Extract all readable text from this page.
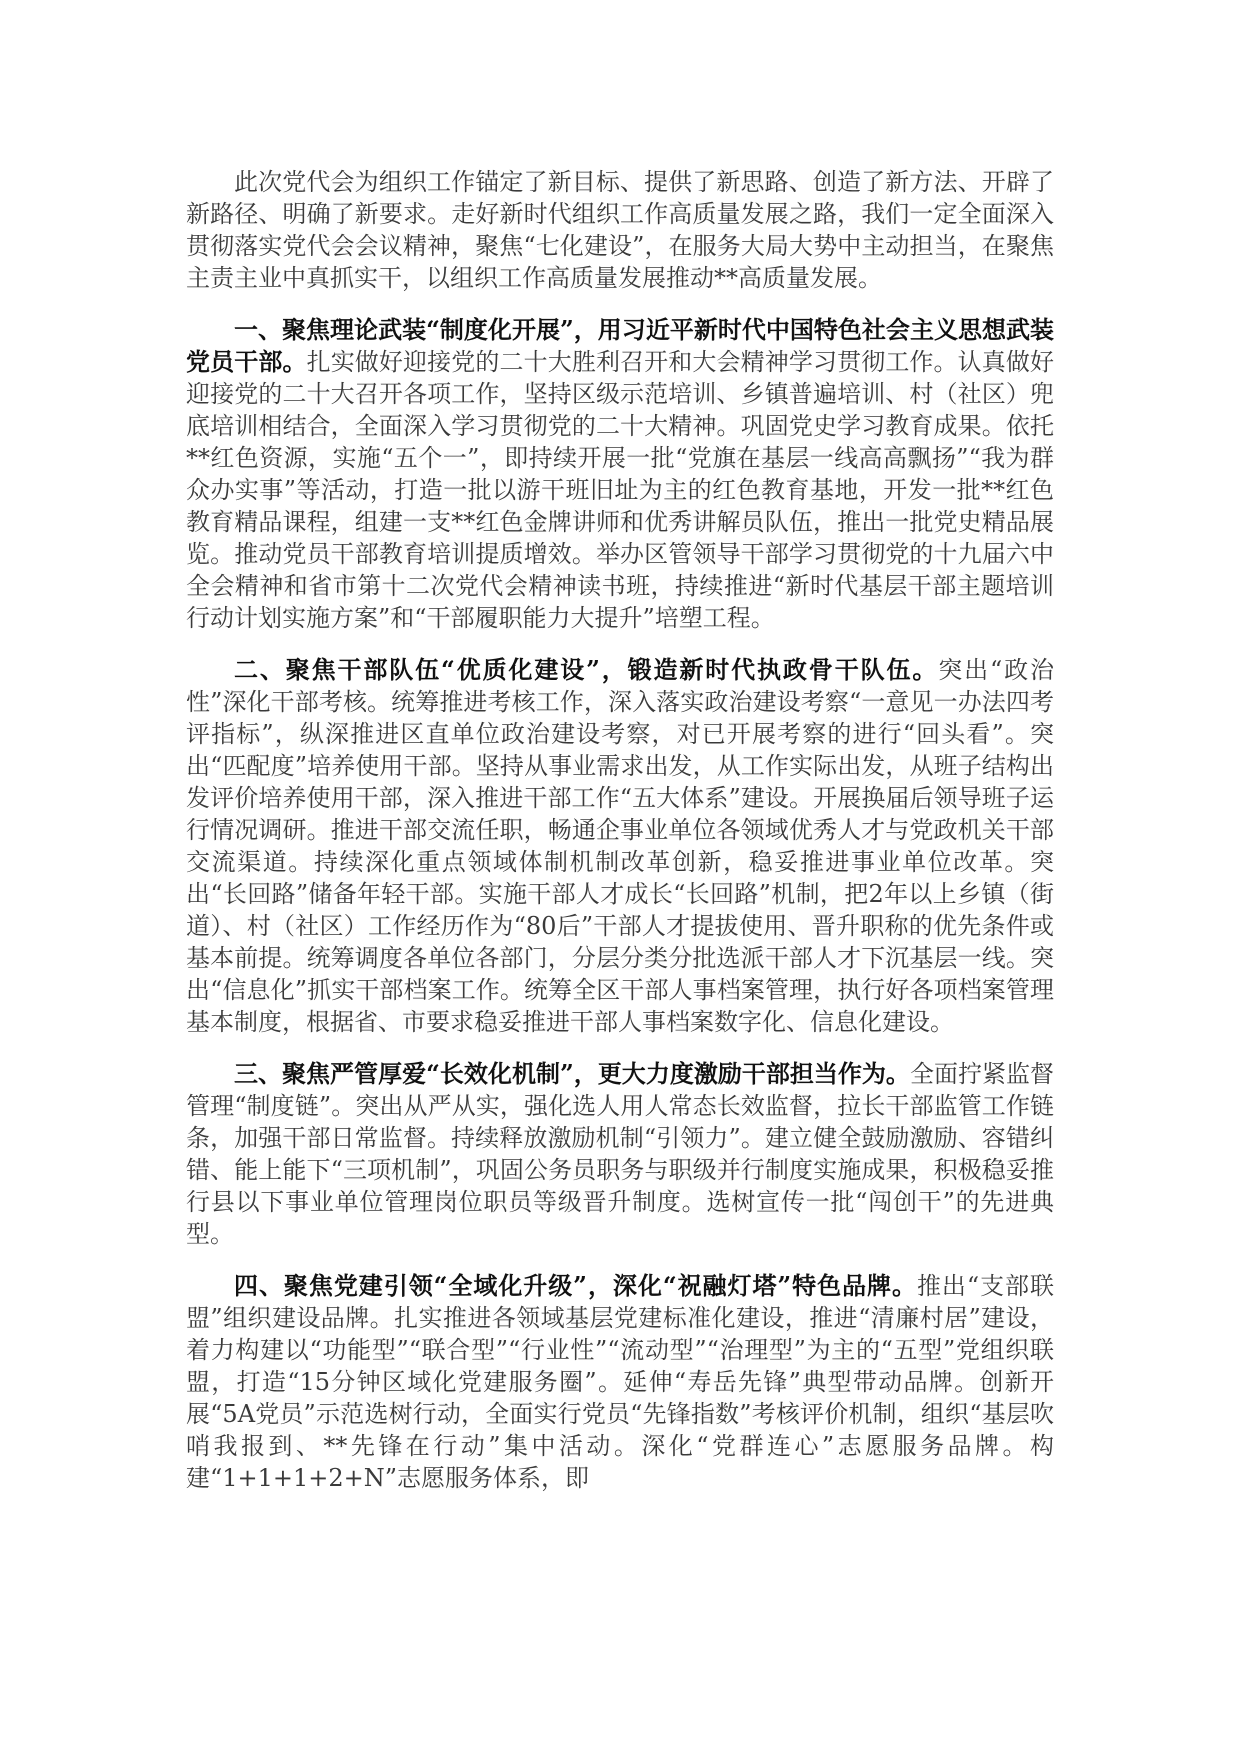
此次党代会为组织工作锚定了新目标、提供了新思路、创造了新方法、开辟了新路径、明确了新要求。走好新时代组织工作高质量发展之路，我们一定全面深入贯彻落实党代会会议精神，聚焦“七化建设”，在服务大局大势中主动担当，在聚焦主责主业中真抓实干，以组织工作高质量发展推动**高质量发展。

一、聚焦理论武装“制度化开展”，用习近平新时代中国特色社会主义思想武装党员干部。扎实做好迎接党的二十大胜利召开和大会精神学习贯彻工作。认真做好迎接党的二十大召开各项工作，坚持区级示范培训、乡镇普遍培训、村（社区）兜底培训相结合，全面深入学习贯彻党的二十大精神。巩固党史学习教育成果。依托**红色资源，实施“五个一”，即持续开展一批“党旗在基层一线高高飘扬”“我为群众办实事”等活动，打造一批以游干班旧址为主的红色教育基地，开发一批**红色教育精品课程，组建一支**红色金牌讲师和优秀讲解员队伍，推出一批党史精品展览。推动党员干部教育培训提质增效。举办区管领导干部学习贯彻党的十九届六中全会精神和省市第十二次党代会精神读书班，持续推进“新时代基层干部主题培训行动计划实施方案”和“干部履职能力大提升”培塑工程。

二、聚焦干部队伍“优质化建设”，锻造新时代执政骨干队伍。突出“政治性”深化干部考核。统筹推进考核工作，深入落实政治建设考察“一意见一办法四考评指标”，纵深推进区直单位政治建设考察，对已开展考察的进行“回头看”。突出“匹配度”培养使用干部。坚持从事业需求出发，从工作实际出发，从班子结构出发评价培养使用干部，深入推进干部工作“五大体系”建设。开展换届后领导班子运行情况调研。推进干部交流任职，畅通企事业单位各领域优秀人才与党政机关干部交流渠道。持续深化重点领域体制机制改革创新，稳妥推进事业单位改革。突出“长回路”储备年轻干部。实施干部人才成长“长回路”机制，把2年以上乡镇（街道）、村（社区）工作经历作为“80后”干部人才提拔使用、晋升职称的优先条件或基本前提。统筹调度各单位各部门，分层分类分批选派干部人才下沉基层一线。突出“信息化”抓实干部档案工作。统筹全区干部人事档案管理，执行好各项档案管理基本制度，根据省、市要求稳妥推进干部人事档案数字化、信息化建设。

三、聚焦严管厚爱“长效化机制”，更大力度激励干部担当作为。全面拧紧监督管理“制度链”。突出从严从实，强化选人用人常态长效监督，拉长干部监管工作链条，加强干部日常监督。持续释放激励机制“引领力”。建立健全鼓励激励、容错纠错、能上能下“三项机制”，巩固公务员职务与职级并行制度实施成果，积极稳妥推行县以下事业单位管理岗位职员等级晋升制度。选树宣传一批“闯创干”的先进典型。

四、聚焦党建引领“全域化升级”，深化“祝融灯塔”特色品牌。推出“支部联盟”组织建设品牌。扎实推进各领域基层党建标准化建设，推进“清廉村居”建设，着力构建以“功能型”“联合型”“行业性”“流动型”“治理型”为主的“五型”党组织联盟，打造“15分钟区域化党建服务圈”。延伸“寿岳先锋”典型带动品牌。创新开展“5A党员”示范选树行动，全面实行党员“先锋指数”考核评价机制，组织“基层吹哨我报到、**先锋在行动”集中活动。深化“党群连心”志愿服务品牌。构建“1+1+1+2+N”志愿服务体系，即
